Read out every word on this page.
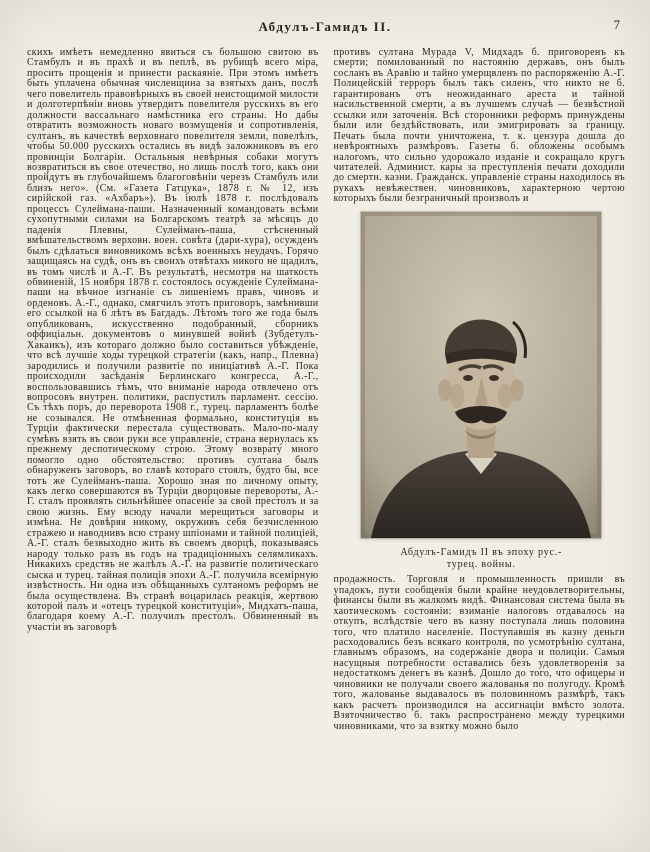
Абдулъ-Гамидъ II.	7

скихъ имѣетъ немедленно явиться съ большою свитою въ Стамбулъ и въ прахѣ и въ пеплѣ, въ рубищѣ всего міра, просить прощенія и принести раскаяніе. При этомъ имѣетъ быть уплачена обычная численщина за взятыхъ данъ, послѣ чего повелитель правовѣрныхъ въ своей неистощимой милости и долготерпѣніи вновь утвердитъ повелителя русскихъ въ его должности вассальнаго намѣстника его страны. Но дабы отвратить возможность новаго возмущенія и сопротивленія, султанъ, въ качествѣ верховнаго повелителя земли, повелѣлъ, чтобы 50.000 русскихъ остались въ видѣ заложниковъ въ его провинціи Болгаріи. Остальныя невѣрныя собаки могутъ возвратиться въ свое отечество, но лишь послѣ того, какъ они пройдутъ въ глубочайшемъ благоговѣніи черезъ Стамбулъ или близъ него». (См. «Газета Гатцука», 1878 г. № 12, изъ сирійской газ. «Ахбаръ»). Въ іюлѣ 1878 г. послѣдовалъ процессъ Сулеймана-паши. Назначенный командовать всѣми сухопутными силами на Болгарскомъ театрѣ за мѣсяцъ до паденія Плевны, Сулейманъ-паша, стѣсненный вмѣшательствомъ верховн. воен. совѣта (дари-хура), осужденъ былъ сдѣлаться виновникомъ всѣхъ военныхъ неудачъ. Горячо защищаясь на судѣ, онъ въ своихъ отвѣтахъ никого не щадилъ, въ томъ числѣ и А.-Г. Въ результатѣ, несмотря на шаткость обвиненій, 15 ноября 1878 г. состоялось осужденіе Сулеймана-паши на вѣчное изгнаніе съ лишеніемъ правъ, чиновъ и орденовъ. А.-Г., однако, смягчилъ этотъ приговоръ, замѣнивши его ссылкой на 6 лѣтъ въ Багдадъ. Лѣтомъ того же года былъ опубликованъ, искусственно подобранный, сборникъ оффиціальн. документовъ о минувшей войнѣ (Зубдетулъ-Хакаикъ), изъ котораго должно было составиться убѣжденіе, что всѣ лучшіе ходы турецкой стратегіи (какъ, напр., Плевна) зародились и получили развитіе по иниціативѣ А.-Г. Пока происходили засѣданія Берлинскаго конгресса, А.-Г., воспользовавшись тѣмъ, что вниманіе народа отвлечено отъ вопросовъ внутрен. политики, распустилъ парламент. сессію. Съ тѣхъ поръ, до переворота 1908 г., турец. парламентъ болѣе не созывался. Не отмѣненная формально, конституція въ Турціи фактически перестала существовать. Мало-по-малу сумѣвъ взять въ свои руки все управленіе, страна вернулась къ прежнему деспотическому строю. Этому возврату много помогло одно обстоятельство: противъ султана былъ обнаруженъ заговоръ, во главѣ котораго стоялъ, будто бы, все тотъ же Сулейманъ-паша. Хорошо зная по личному опыту, какъ легко совершаются въ Турціи дворцовые перевороты, А.-Г. сталъ проявлять сильнѣйшее опасеніе за свой престолъ и за свою жизнь. Ему всюду начали мерещиться заговоры и измѣна. Не довѣряя никому, окруживъ себя безчисленною стражею и наводнивъ всю страну шпіонами и тайной полиціей, А.-Г. сталъ безвыходно жить въ своемъ дворцѣ, показываясь народу только разъ въ годъ на традиціонныхъ селямликахъ. Никакихъ средствъ не жалѣлъ А.-Г. на развитіе политическаго сыска и турец. тайная полиція эпохи А.-Г. получила всемірную извѣстность. Ни одна изъ обѣщанныхъ султаномъ реформъ не была осуществлена. Въ странѣ воцарилась реакція, жертвою которой палъ и «отецъ турецкой конституціи», Мидхатъ-паша, благодаря коему А.-Г. получилъ престолъ. Обвиненный въ участіи въ заговорѣ

противъ султана Мурада V, Мидхадъ б. приговоренъ къ смерти; помилованный по настоянію державъ, онъ былъ сосланъ въ Аравію и тайно умерщвленъ по распоряженію А.-Г. Полицейскій терроръ былъ такъ силенъ, что никто не б. гарантированъ отъ неожиданнаго ареста и тайной насильственной смерти, а въ лучшемъ случаѣ — безвѣстной ссылки или заточенія. Всѣ сторонники реформъ принуждены были или бездѣйствовать, или эмигрировать за границу. Печать была почти уничтожена, т. к. цензура дошла до невѣроятныхъ размѣровъ. Газеты б. обложены особымъ налогомъ, что сильно удорожало изданіе и сокращало кругъ читателей. Админист. кары за преступленія печати доходили до смертн. казни. Гражданск. управленіе страны находилось въ рукахъ невѣжествен. чиновниковъ, характерною чертою которыхъ были безграничный произволъ и

Абдулъ-Гамидъ II въ эпоху рус.-
турец. войны.

продажность. Торговля и промышленность пришли въ упадокъ, пути сообщенія были крайне неудовлетворительны, финансы были въ жалкомъ видѣ. Финансовая система была въ хаотическомъ состояніи: взиманіе налоговъ отдавалось на откупъ, вслѣдствіе чего въ казну поступала лишь половина того, что платило населеніе. Поступавшія въ казну деньги расходовались безъ всякаго контроля, по усмотрѣнію султана, главнымъ образомъ, на содержаніе двора и полиціи. Самыя насущныя потребности оставались безъ удовлетворенія за недостаткомъ денегъ въ казнѣ. Дошло до того, что офицеры и чиновники не получали своего жалованья по полугоду. Кромѣ того, жалованье выдавалось въ половинномъ размѣрѣ, такъ какъ расчетъ производился на ассигнаціи вмѣсто золота. Взяточничество б. такъ распространено между турецкими чиновниками, что за взятку можно было
